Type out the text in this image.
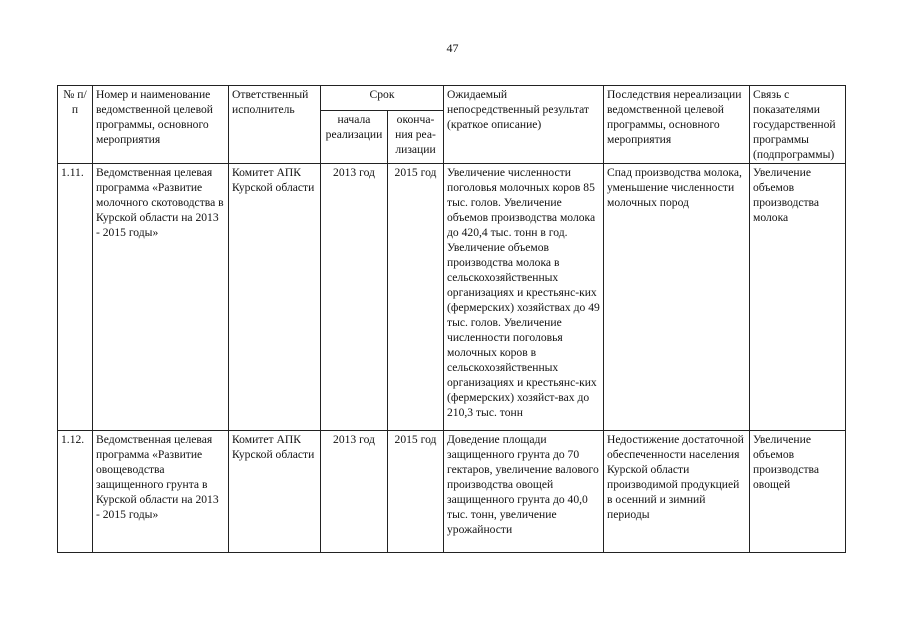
47
№ п/п	Номер и наименование ведомственной целевой программы, основного мероприятия	Ответственный исполнитель	Срок		Ожидаемый непосредственный результат (краткое описание)	Последствия нереализации ведомственной целевой программы, основного мероприятия	Связь с показателями государственной программы (подпрограммы)
			начала реализации	оконча-ния реа-лизации			
1.11.	Ведомственная целевая программа «Развитие молочного скотоводства в Курской области на 2013 - 2015 годы»	Комитет АПК Курской области	2013 год	2015 год	Увеличение численности поголовья молочных коров 85 тыс. голов. Увеличение объемов производства молока до 420,4 тыс. тонн в год. Увеличение объемов производства молока в сельскохозяйственных организациях и крестьянс-ких (фермерских) хозяйствах до 49 тыс. голов. Увеличение численности поголовья молочных коров в сельскохозяйственных организациях и крестьянс-ких (фермерских) хозяйст-вах до 210,3 тыс. тонн	Спад производства молока, уменьшение численности молочных пород	Увеличение объемов производства молока
1.12.	Ведомственная целевая программа «Развитие овощеводства защищенного грунта в Курской области на 2013 - 2015 годы»	Комитет АПК Курской области	2013 год	2015 год	Доведение площади защищенного грунта до 70 гектаров, увеличение валового производства овощей защищенного грунта до 40,0 тыс. тонн, увеличение урожайности	Недостижение достаточной обеспеченности населения Курской области производимой продукцией в осенний и зимний периоды	Увеличение объемов производства овощей
